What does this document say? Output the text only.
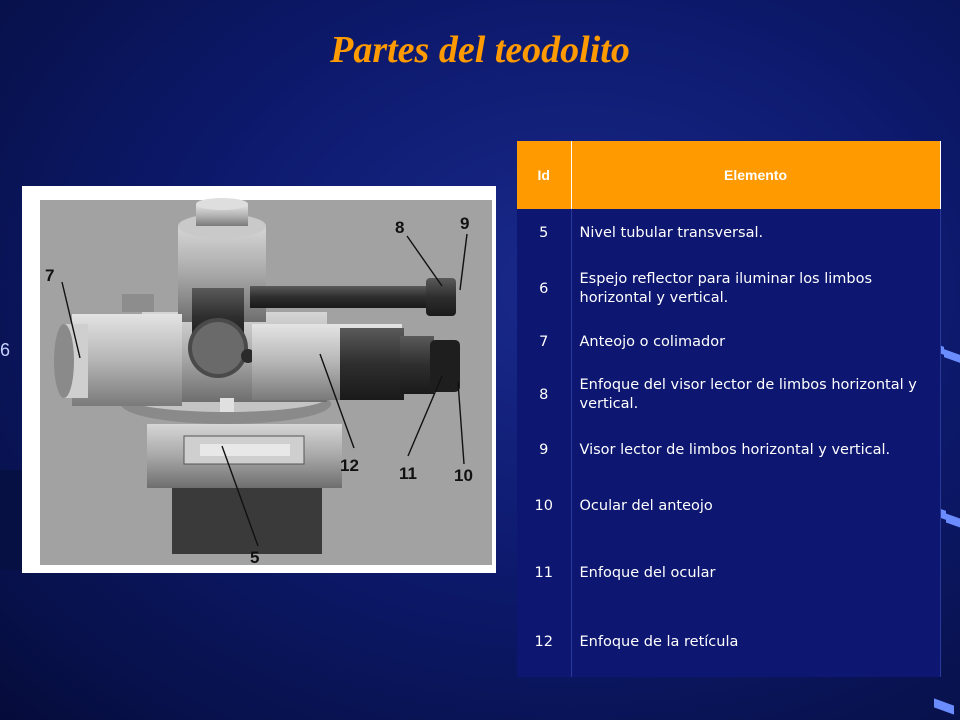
Partes del teodolito
6
7
8	9
12 11 10
5
Id	Elemento
5	Nivel tubular transversal.
6	Espejo reflector para iluminar los limbos horizontal y vertical.
7	Anteojo o colimador
8	Enfoque del visor lector de limbos horizontal y vertical.
9	Visor lector de limbos horizontal y vertical.
10	Ocular del anteojo
11	Enfoque del ocular
12	Enfoque de la retícula
